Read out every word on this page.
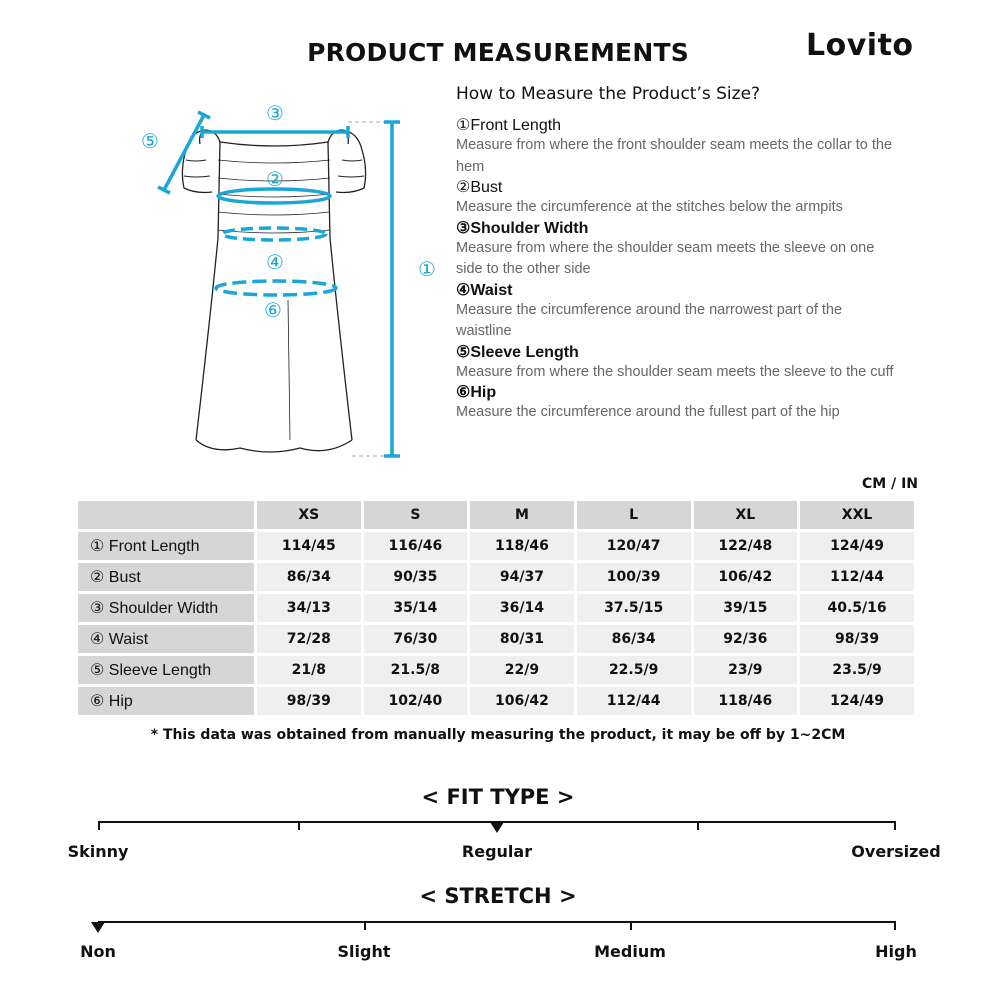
PRODUCT MEASUREMENTS	Lovito
①
②
③
④
⑤
⑥
How to Measure the Product’s Size?
①Front Length
Measure from where the front shoulder seam meets the collar to the hem
②Bust
Measure the circumference at the stitches below the armpits
③Shoulder Width
Measure from where the shoulder seam meets the sleeve on one side to the other side
④Waist
Measure the circumference around the narrowest part of the waistline
⑤Sleeve Length
Measure from where the shoulder seam meets the sleeve to the cuff
⑥Hip
Measure the circumference around the fullest part of the hip
CM / IN
	XS	S	M	L	XL	XXL
① Front Length	114/45	116/46	118/46	120/47	122/48	124/49
② Bust	86/34	90/35	94/37	100/39	106/42	112/44
③ Shoulder Width	34/13	35/14	36/14	37.5/15	39/15	40.5/16
④ Waist	72/28	76/30	80/31	86/34	92/36	98/39
⑤ Sleeve Length	21/8	21.5/8	22/9	22.5/9	23/9	23.5/9
⑥ Hip	98/39	102/40	106/42	112/44	118/46	124/49
* This data was obtained from manually measuring the product, it may be off by 1~2CM
< FIT TYPE >
Skinny	Regular	Oversized
< STRETCH >
Non	Slight	Medium	High
